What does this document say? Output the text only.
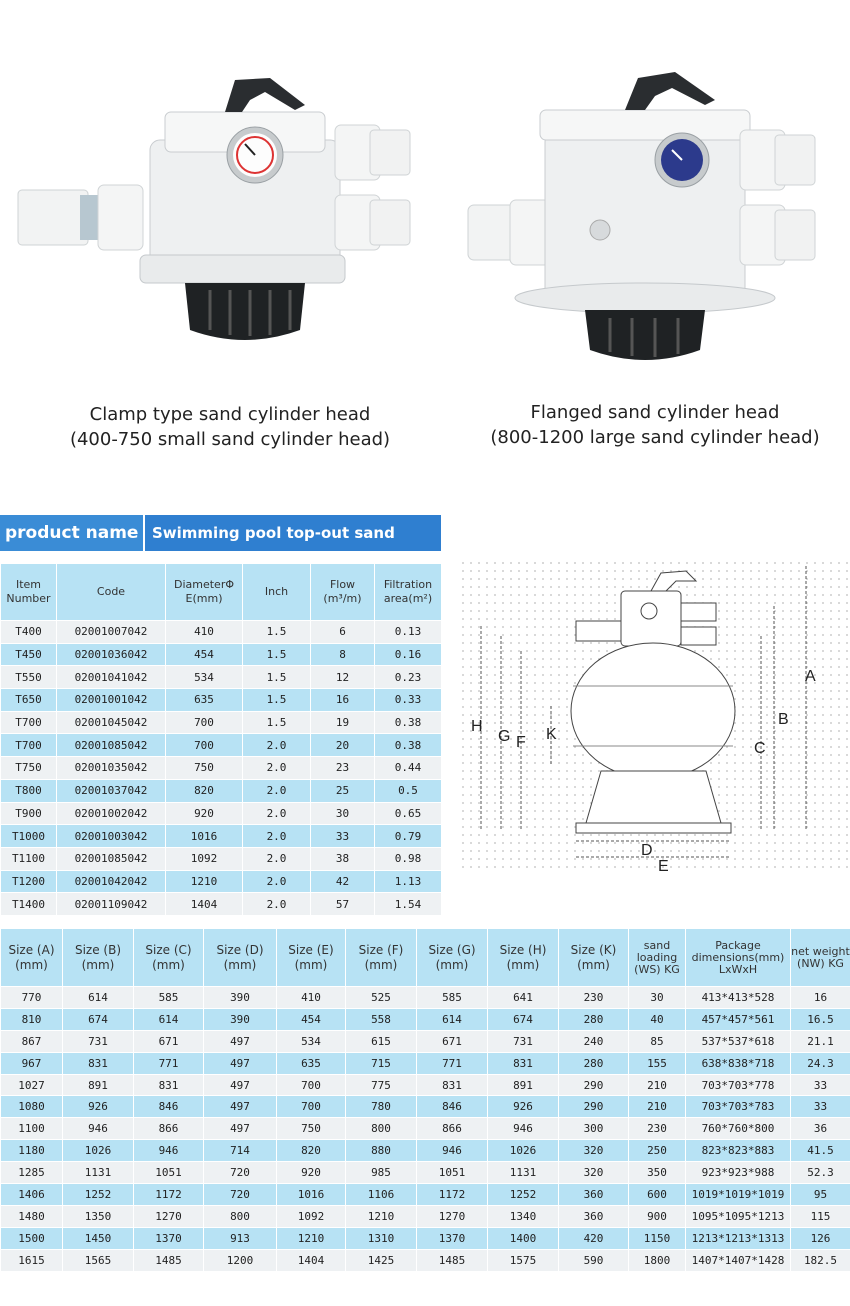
Clamp type sand cylinder head
(400-750 small sand cylinder head)
Flanged sand cylinder head
(800-1200 large sand cylinder head)
product name Swimming pool top-out sand
Item Number	Code	DiameterΦ E(mm)	Inch	Flow (m³/m)	Filtration area(m²)
T400	02001007042	410	1.5	6	0.13
T450	02001036042	454	1.5	8	0.16
T550	02001041042	534	1.5	12	0.23
T650	02001001042	635	1.5	16	0.33
T700	02001045042	700	1.5	19	0.38
T700	02001085042	700	2.0	20	0.38
T750	02001035042	750	2.0	23	0.44
T800	02001037042	820	2.0	25	0.5
T900	02001002042	920	2.0	30	0.65
T1000	02001003042	1016	2.0	33	0.79
T1100	02001085042	1092	2.0	38	0.98
T1200	02001042042	1210	2.0	42	1.13
T1400	02001109042	1404	2.0	57	1.54
A
B
C
H
G F K
D
E
Size (A) (mm)	Size (B) (mm)	Size (C) (mm)	Size (D) (mm)	Size (E) (mm)	Size (F) (mm)	Size (G) (mm)	Size (H) (mm)	Size (K) (mm)	sand loading (WS) KG	Package dimensions(mm) LxWxH	net weight (NW) KG
770	614	585	390	410	525	585	641	230	30	413*413*528	16
810	674	614	390	454	558	614	674	280	40	457*457*561	16.5
867	731	671	497	534	615	671	731	240	85	537*537*618	21.1
967	831	771	497	635	715	771	831	280	155	638*838*718	24.3
1027	891	831	497	700	775	831	891	290	210	703*703*778	33
1080	926	846	497	700	780	846	926	290	210	703*703*783	33
1100	946	866	497	750	800	866	946	300	230	760*760*800	36
1180	1026	946	714	820	880	946	1026	320	250	823*823*883	41.5
1285	1131	1051	720	920	985	1051	1131	320	350	923*923*988	52.3
1406	1252	1172	720	1016	1106	1172	1252	360	600	1019*1019*1019	95
1480	1350	1270	800	1092	1210	1270	1340	360	900	1095*1095*1213	115
1500	1450	1370	913	1210	1310	1370	1400	420	1150	1213*1213*1313	126
1615	1565	1485	1200	1404	1425	1485	1575	590	1800	1407*1407*1428	182.5
